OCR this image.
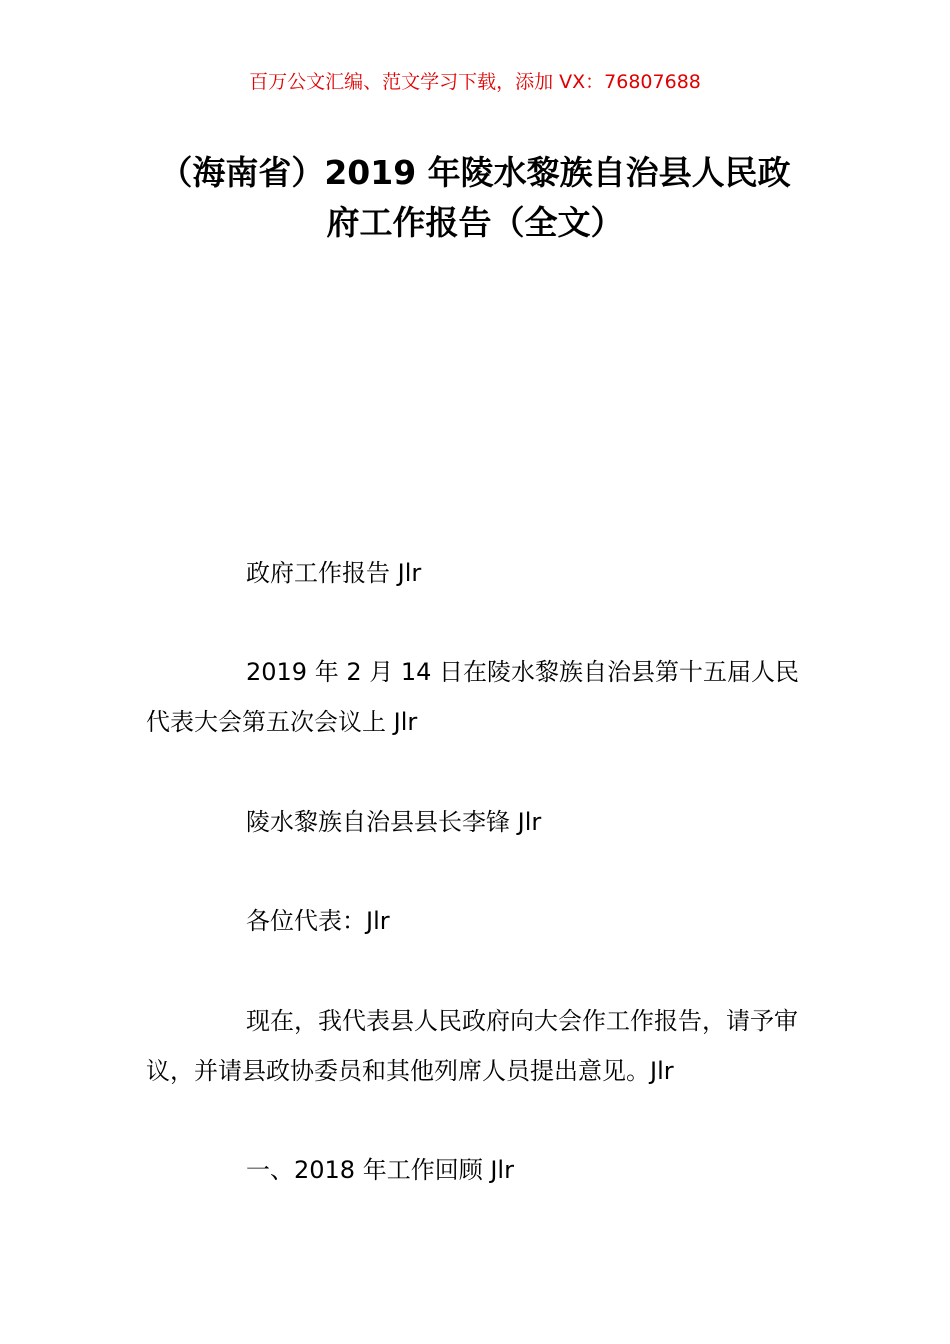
百万公文汇编、范文学习下载，添加 VX：76807688
（海南省）2019 年陵水黎族自治县人民政
府工作报告（全文）

政府工作报告 Jlr

2019 年 2 月 14 日在陵水黎族自治县第十五届人民代表大会第五次会议上 Jlr

陵水黎族自治县县长李锋 Jlr

各位代表：Jlr

现在，我代表县人民政府向大会作工作报告，请予审议，并请县政协委员和其他列席人员提出意见。Jlr

一、2018 年工作回顾 Jlr
